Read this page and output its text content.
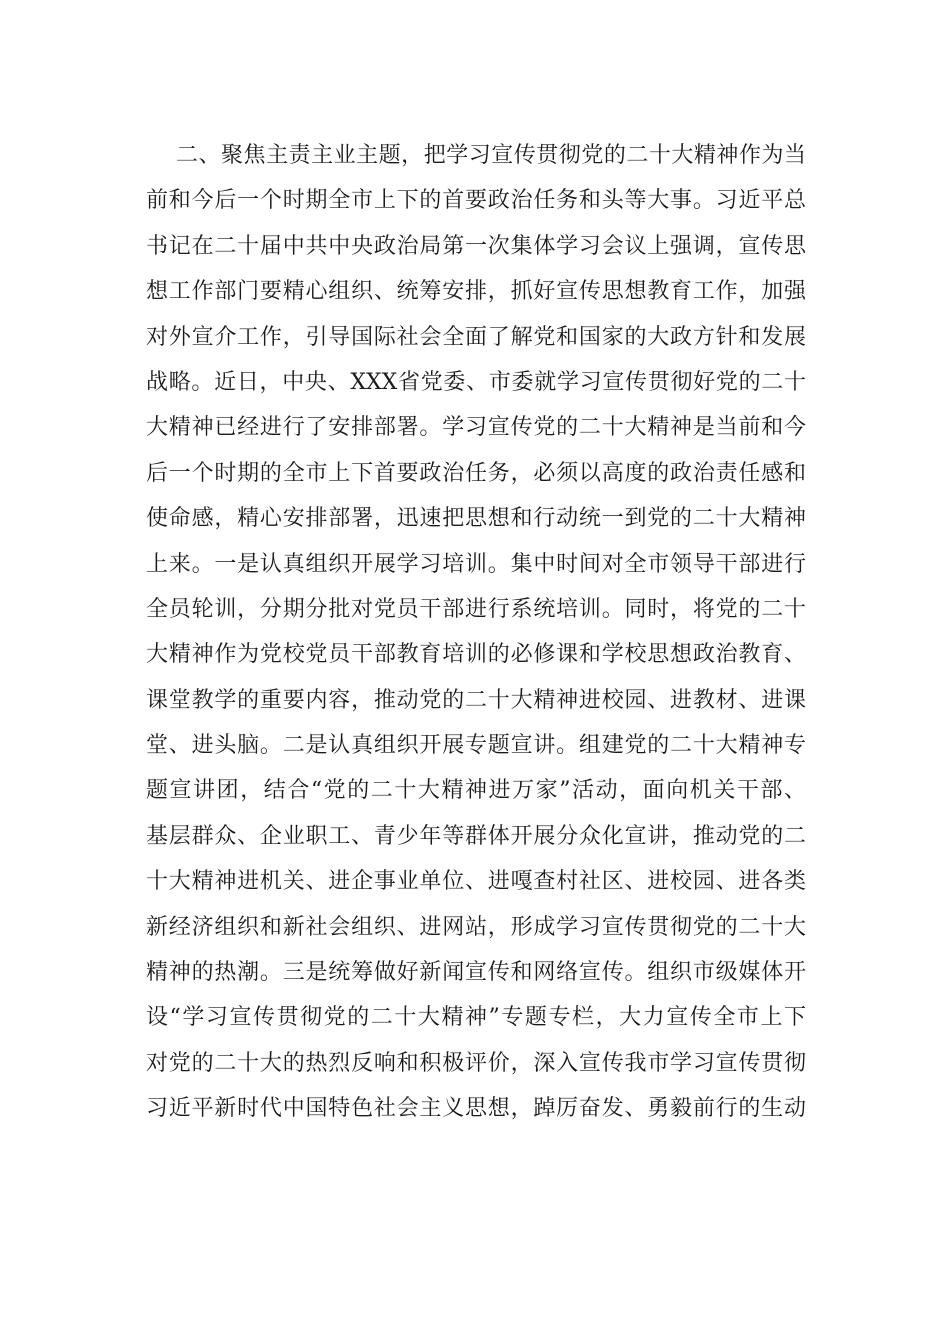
二、聚焦主责主业主题，把学习宣传贯彻党的二十大精神作为当
前和今后一个时期全市上下的首要政治任务和头等大事。习近平总
书记在二十届中共中央政治局第一次集体学习会议上强调，宣传思
想工作部门要精心组织、统筹安排，抓好宣传思想教育工作，加强
对外宣介工作，引导国际社会全面了解党和国家的大政方针和发展
战略。近日，中央、XXX省党委、市委就学习宣传贯彻好党的二十
大精神已经进行了安排部署。学习宣传党的二十大精神是当前和今
后一个时期的全市上下首要政治任务，必须以高度的政治责任感和
使命感，精心安排部署，迅速把思想和行动统一到党的二十大精神
上来。一是认真组织开展学习培训。集中时间对全市领导干部进行
全员轮训，分期分批对党员干部进行系统培训。同时，将党的二十
大精神作为党校党员干部教育培训的必修课和学校思想政治教育、
课堂教学的重要内容，推动党的二十大精神进校园、进教材、进课
堂、进头脑。二是认真组织开展专题宣讲。组建党的二十大精神专
题宣讲团，结合“党的二十大精神进万家”活动，面向机关干部、
基层群众、企业职工、青少年等群体开展分众化宣讲，推动党的二
十大精神进机关、进企事业单位、进嘎查村社区、进校园、进各类
新经济组织和新社会组织、进网站，形成学习宣传贯彻党的二十大
精神的热潮。三是统筹做好新闻宣传和网络宣传。组织市级媒体开
设“学习宣传贯彻党的二十大精神”专题专栏，大力宣传全市上下
对党的二十大的热烈反响和积极评价，深入宣传我市学习宣传贯彻
习近平新时代中国特色社会主义思想，踔厉奋发、勇毅前行的生动
